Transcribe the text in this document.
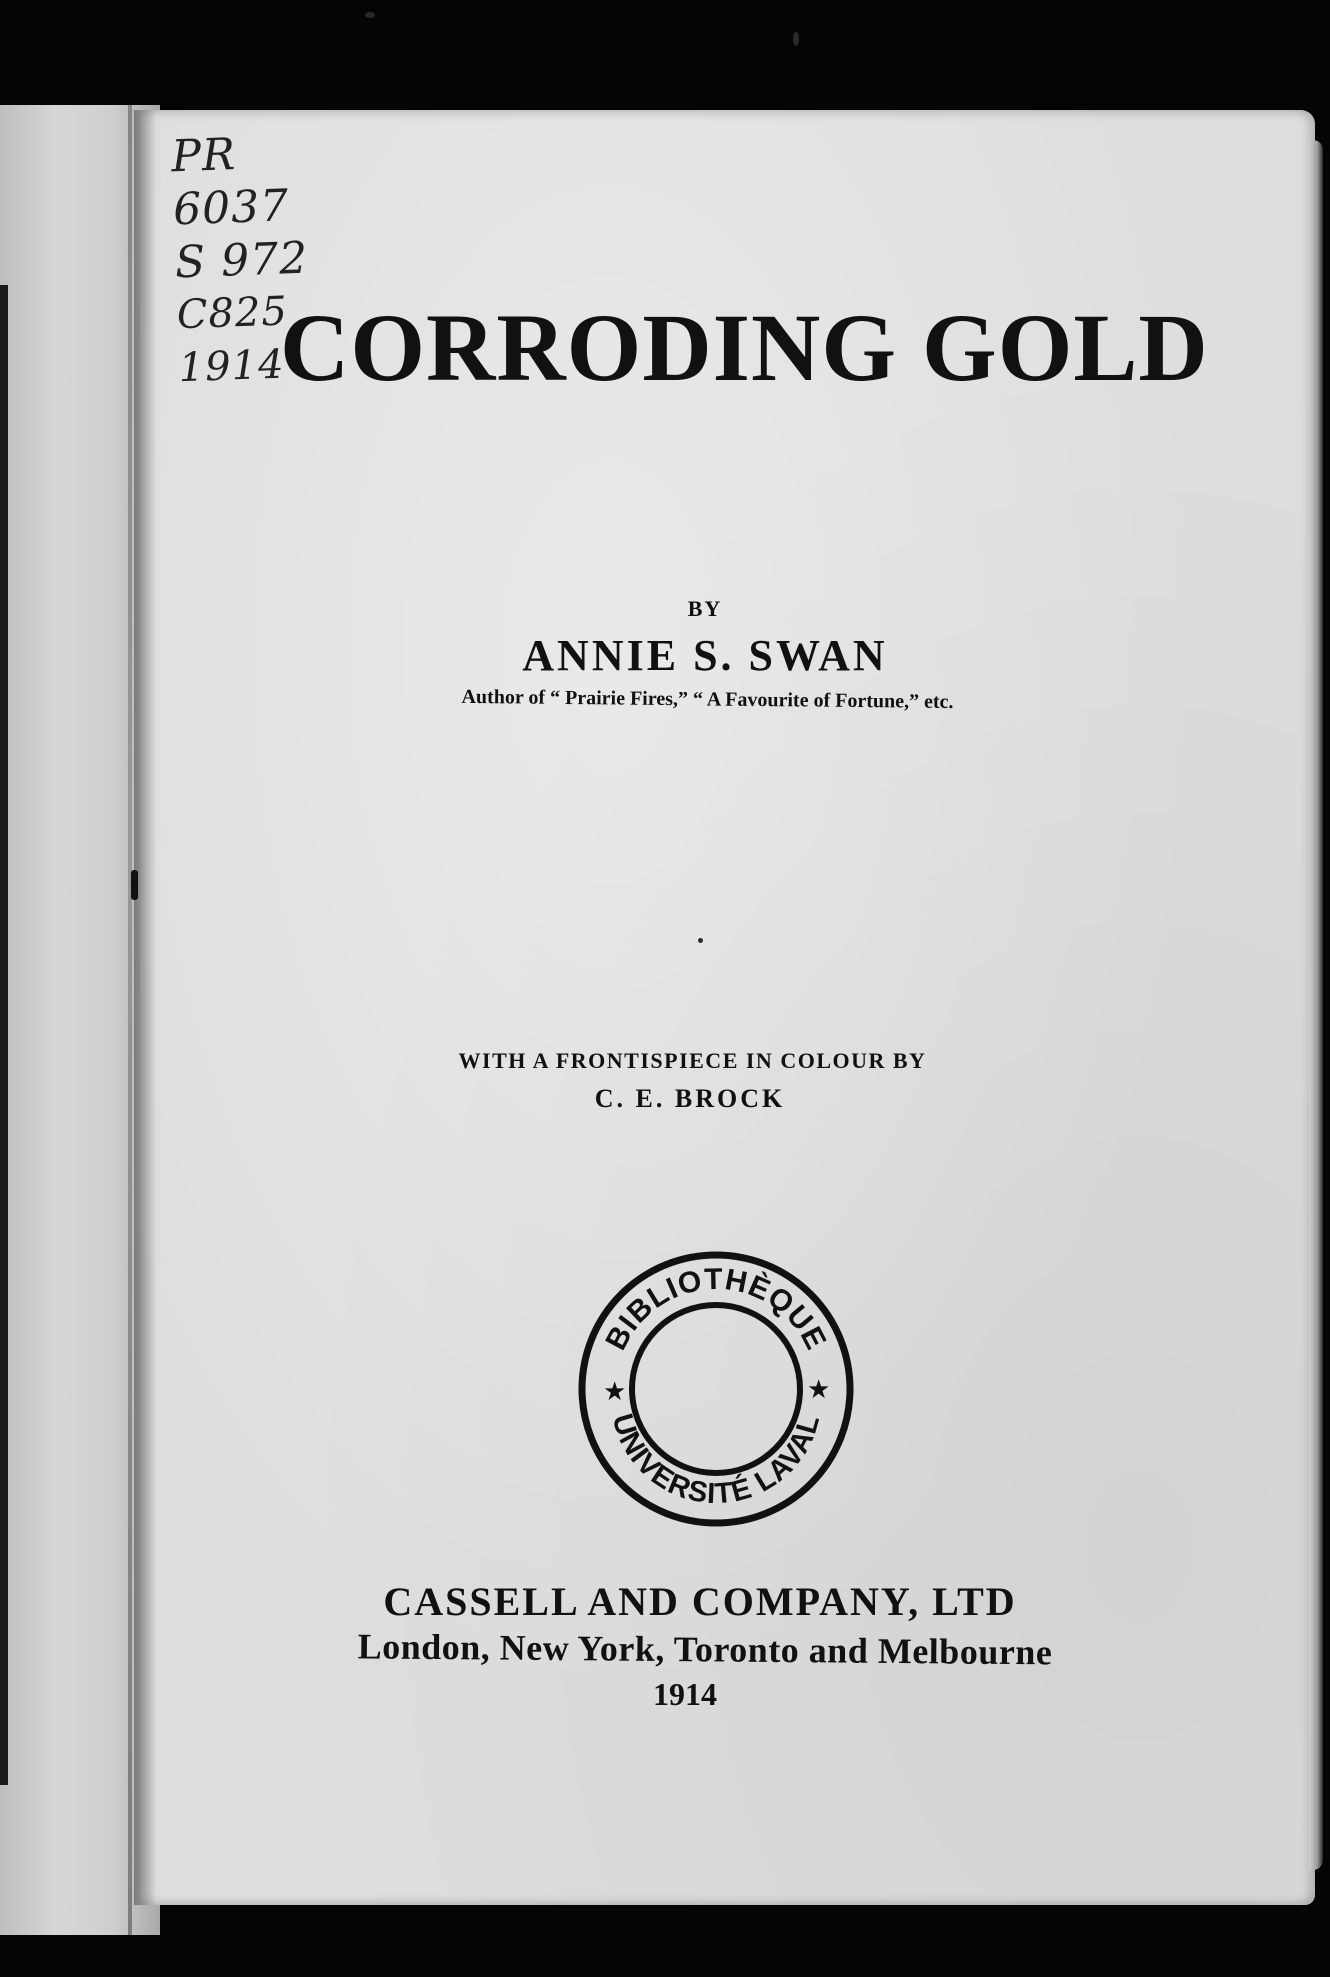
PR
6037
S 972
C825
1914
CORRODING GOLD
BY
ANNIE S. SWAN
Author of “ Prairie Fires,” “ A Favourite of Fortune,” etc.
WITH A FRONTISPIECE IN COLOUR BY
C. E. BROCK
BIBLIOTHÈQUE
UNIVERSITÉ LAVAL
★	★
CASSELL AND COMPANY, LTD
London, New York, Toronto and Melbourne
1914
